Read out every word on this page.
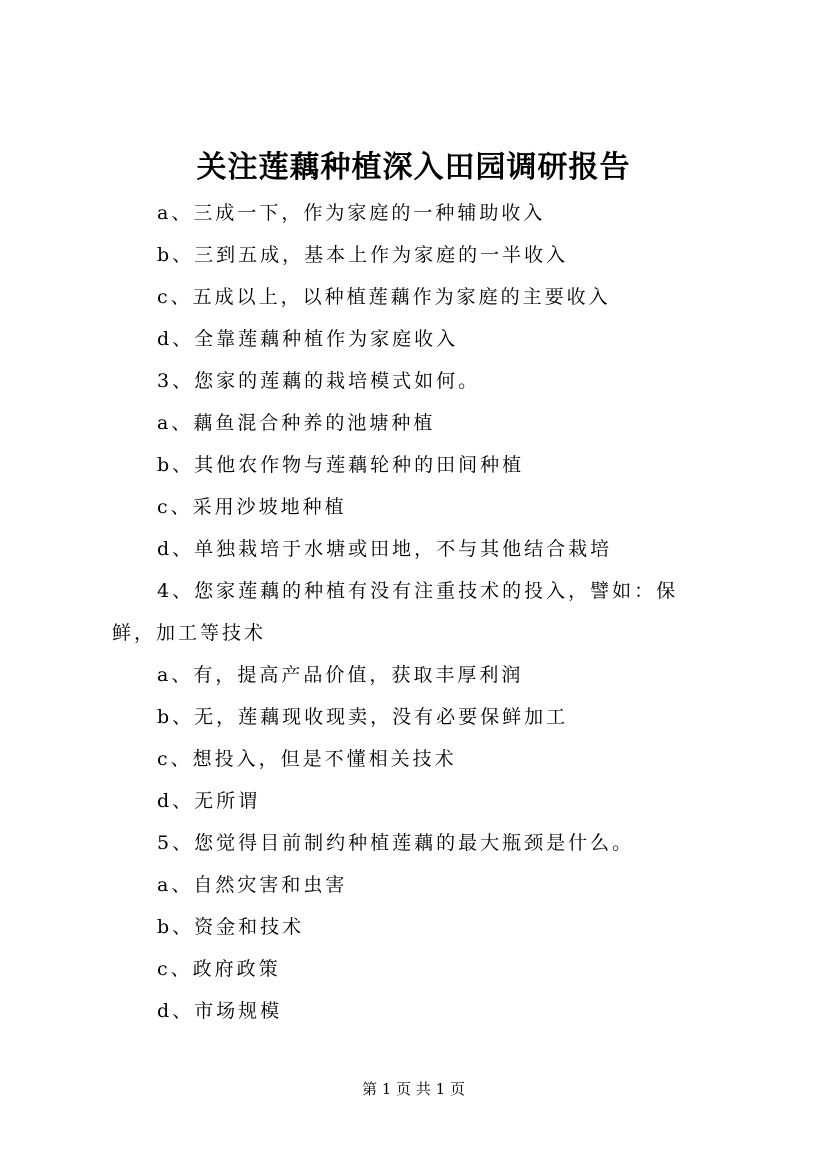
关注莲藕种植深入田园调研报告

a、三成一下，作为家庭的一种辅助收入

b、三到五成，基本上作为家庭的一半收入

c、五成以上，以种植莲藕作为家庭的主要收入

d、全靠莲藕种植作为家庭收入

3、您家的莲藕的栽培模式如何。

a、藕鱼混合种养的池塘种植

b、其他农作物与莲藕轮种的田间种植

c、采用沙坡地种植

d、单独栽培于水塘或田地，不与其他结合栽培

4、您家莲藕的种植有没有注重技术的投入，譬如：保鲜，加工等技术

a、有，提高产品价值，获取丰厚利润

b、无，莲藕现收现卖，没有必要保鲜加工

c、想投入，但是不懂相关技术

d、无所谓

5、您觉得目前制约种植莲藕的最大瓶颈是什么。

a、自然灾害和虫害

b、资金和技术

c、政府政策

d、市场规模

第 1 页 共 1 页
